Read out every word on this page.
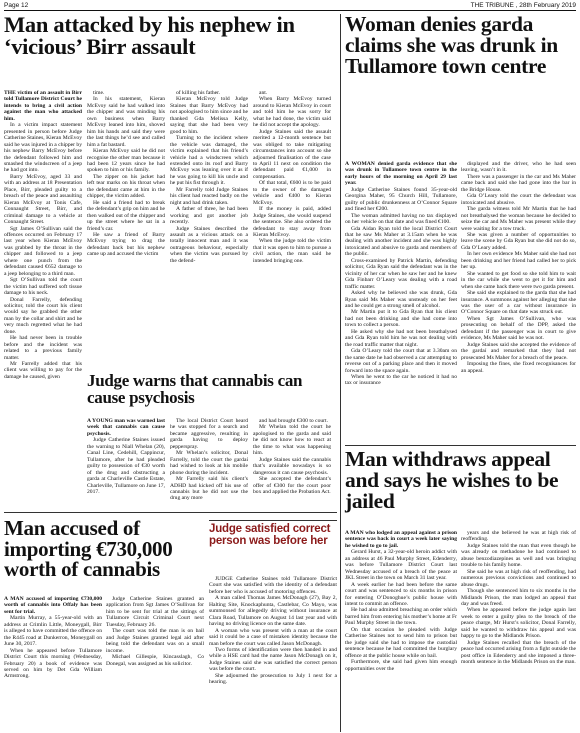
Page 12	THE TRIBUNE , 28th February 2019
Man attacked by his nephew in ‘vicious’ Birr assault

THE victim of an assault in Birr told Tullamore District Court he intends to bring a civil action against the man who attacked him.

In a victim impact statement presented in person before Judge Catherine Staines, Kieran McEvoy said he was injured in a chipper by his nephew Barry McEvoy before the defendant followed him and smashed the windscreen of a jeep he had got into.

Barry McEvoy, aged 33 and with an address at 18 Presentation Place, Birr, pleaded guilty to a breach of the peace and assaulting Kieran McEvoy at Tonis Cafe, Connaught Street, Birr, and criminal damage to a vehicle at Connaught Street.

Sgt James O’Sullivan said the offences occurred on February 17 last year when Kieran McEvoy was grabbed by the throat in the chipper and followed to a jeep where one punch from the defendant caused €652 damage to a jeep belonging to a third man.

Sgt O’Sullivan told the court the victim had suffered soft tissue damage to his neck.

Donal Farrelly, defending solicitor, told the court his client would say he grabbed the other man by the collar and shirt and he very much regretted what he had done.

He had never been in trouble before and the incident was related to a previous family matter.

Mr Farrelly added that his client was willing to pay for the damage he caused, given

time.

In his statement, Kieran McEvoy said he had walked into the chipper and was minding his own business when Barry McEvoy leaned into him, shoved him his hands and said they were the last things he’d see and called him a fat bastard.

Kieran McEvoy said he did not recognise the other man because it had been 12 years since he had spoken to him or his family.

The zipper on his jacket had left tear marks on his throat when the defendant came at him in the chipper, the victim added.

He said a friend had to break the defendant’s grip on him and he then walked out of the chipper and up the street where he sat in a friend’s car.

He saw a friend of Barry McEvoy trying to drag the defendant back but his nephew came up and accused the victim

of killing his father.

Kieran McEvoy told Judge Staines that Barry McEvoy had not apologised to him since and he thanked Gda Melissa Kelly, saying that she had been very good to him.

Turning to the incident where the vehicle was damaged, the victim explained that his friend’s vehicle had a windscreen which extended onto its roof and Barry McEvoy was leaning over it as if he was going to kill his uncle and he put his fist through it.

Mr Farrelly told Judge Staines his client had reacted badly on the night and had drink taken.

A father of three, he had been working and got another job recently.

Judge Staines described the assault as a vicious attack on a totally innocent man and it was outrageous behaviour, especially when the victim was pursued by the defend-

ant.

When Barry McEvoy turned around to Kieran McEvoy in court and told him he was sorry for what he had done, the victim said he did not accept the apology.

Judge Staines said the assault merited a 12-month sentence but was obliged to take mitigating circumstances into account so she adjourned finalisation of the case to April 11 next on condition the defendant paid €1,000 in compensation.

Of that total, €600 is to be paid to the owner of the damaged vehicle and €400 to Kieran McEvoy.

If the money is paid, added Judge Staines, she would suspend the sentence. She also ordered the defendant to stay away from Kieran McEvoy.

When the judge told the victim that it was open to him to pursue a civil action, the man said he intended bringing one.

Judge warns that cannabis can cause psychosis

A YOUNG man was warned last week that cannabis can cause psychosis.

Judge Catherine Staines issued the warning to Niall Whelan (20), Canal Line, Cedehill, Cappincur, Tullamore, after he had pleaded guilty to possession of €30 worth of the drug and obstructing a garda at Charleville Castle Estate, Charleville, Tullamore on June 17, 2017.

The local District Court heard he was stopped for a search and became aggressive, resulting in garda having to deploy pepperspray.

Mr Whelan’s solicitor, Donal Farrelly, told the court the gardaí had wished to look at his mobile phone during the incident.

Mr Farrelly said his client’s ADHD had kicked off his use of cannabis but he did not use the drug any more

and had brought €300 to court.

Mr Whelan told the court he apologised to the garda and said he did not know how to react at the time to what was happening him.

Judge Staines said the cannabis that’s available nowadays is so dangerous it can cause psychosis.

She accepted the defendant’s offer of €300 for the court poor box and applied the Probation Act.

Man accused of importing €730,000 worth of cannabis

A MAN accused of importing €730,000 worth of cannabis into Offaly has been sent for trial.

Martin Murray, a 55-year-old with an address at Crimlin Little, Moneygall, Birr is alleged to have committed the offence on the R445 road at Dunkerron, Moneygall on June 30, 2017.

When he appeared before Tullamore District Court this morning (Wednesday, February 20) a book of evidence was served on him by Det Gda William Armstrong.

Judge Catherine Staines granted an application from Sgt James O’Sullivan for him to be sent for trial at the sittings of Tullamore Circuit Criminal Court next Tuesday, February 26.

The court was told the man is on bail and Judge Staines granted legal aid after being told the defendant was on a small income.

Michael Gillespie, Kincasslagh, Co Donegal, was assigned as his solicitor.

Judge satisfied correct person was before her

JUDGE Catherine Staines told Tullamore District Court she was satisfied with the identity of a defendant before her who is accused of motoring offences.

A man called Thomas James McDonagh (27), Bay 2, Halting Site, Knockaphunta, Castlebar, Co Mayo, was summonsed for allegedly driving without insurance at Clara Road, Tullamore on August 14 last year and with having no driving licence on the same date.

A woman who was present with a man at the court said it could be a case of mistaken identity because the man before the court was called Jason McDonagh.

Two forms of identification were then handed in and while a HSE card had the name Jason McDonagh on it, Judge Staines said she was satisfied the correct person was before the court.

She adjourned the prosecution to July 1 next for a hearing.

Woman denies garda claims she was drunk in Tullamore town centre

A WOMAN denied garda evidence that she was drunk in Tullamore town centre in the early hours of the morning on April 29 last year.

Judge Catherine Staines found 35-year-old Georgina Maher, 95 Church Hill, Tullamore, guilty of public drunkenness at O’Connor Square and fined her €200.

The woman admitted having no tax displayed on her vehicle on that date and was fined €100.

Gda Aidan Ryan told the local District Court that he saw Ms Maher at 3.15am when he was dealing with another incident and she was highly intoxicated and abusive to garda and members of the public.

Cross-examined by Patrick Martin, defending solicitor, Gda Ryan said the defendant was in the vicinity of her car when he saw her and he knew Gda Finbarr O’Leary was dealing with a road traffic matter.

Asked why he believed she was drunk, Gda Ryan said Ms Maher was unsteady on her feet and he could get a strong smell of alcohol.

Mr Martin put it to Gda Ryan that his client had not been drinking and she had come into town to collect a person.

He asked why she had not been breathalysed and Gda Ryan told him he was not dealing with the road traffic matter that night.

Gda O’Leary told the court that at 3.30am on the same date he had observed a car attempting to reverse out of a parking place and then it moved forward into the space again.

When he went to the car he noticed it had no tax or insurance

displayed and the driver, who he had seen leaving, wasn’t in it.

There was a passenger in the car and Ms Maher came back and said she had gone into the bar in the Bridge House.

Gda O’Leary told the court the defendant was intoxicated and abusive.

The garda witness told Mr Martin that he had not breathalysed the woman because he decided to seize the car and Ms Maher was present while they were waiting for a tow truck.

She was given a number of opportunities to leave the scene by Gda Ryan but she did not do so, Gda O’Leary added.

In her own evidence Ms Maher said she had not been drinking and her friend had called her to pick her up.

She wanted to get food so she told him to wait in the car while she went to get it for him and when she came back there were two garda present.

She said she explained to the garda that she had insurance. A summons against her alleging that she was the user of a car without insurance in O’Connor Square on that date was struck out.

When Sgt James O’Sullivan, who was prosecuting on behalf of the DPP, asked the defendant if the passenger was in court to give evidence, Ms Maher said he was not.

Judge Staines said she accepted the evidence of the gardaí and remarked that they had not prosecuted Ms Maher for a breach of the peace.

Imposing the fines, she fixed recognisances for an appeal.

Man withdraws appeal and says he wishes to be jailed

A MAN who lodged an appeal against a prison sentence was back in court a week later saying he wished to go to jail.

Gerard Hurst, a 32-year-old heroin addict with an address at 46 Paul Murphy Street, Edenderry, was before Tullamore District Court last Wednesday accused of a breach of the peace at JKL Street in the town on March 31 last year.

A week earlier he had been before the same court and was sentenced to six months in prison for entering O’Donoghue’s public house with intent to commit an offence.

He had also admitted breaching an order which barred him from entering his mother’s home at Fr Paul Murphy Street in the town.

On that occasion he pleaded with Judge Catherine Staines not to send him to prison but the judge said she had to impose the custodial sentence because he had committed the burglary offence at the public house while on bail.

Furthermore, she said had given him enough opportunities over the

years and she believed he was at high risk of reoffending.

Judge Staines told the man that even though he was already on methadone he had continued to abuse benzodiazepines as well and was bringing trouble to his family home.

She said he was at high risk of reoffending, had numerous previous convictions and continued to abuse drugs.

Though she sentenced him to six months in the Midlands Prison, the man lodged an appeal that day and was freed.

When he appeared before the judge again last week to enter a guilty plea to the breach of the peace charge, Mr Hurst’s solicitor, Donal Farrelly, said he wanted to withdraw his appeal and was happy to go to the Midlands Prison.

Judge Staines recalled that the breach of the peace had occurred arising from a fight outside the post office in Edenderry and she imposed a three-month sentence in the Midlands Prison on the man.
